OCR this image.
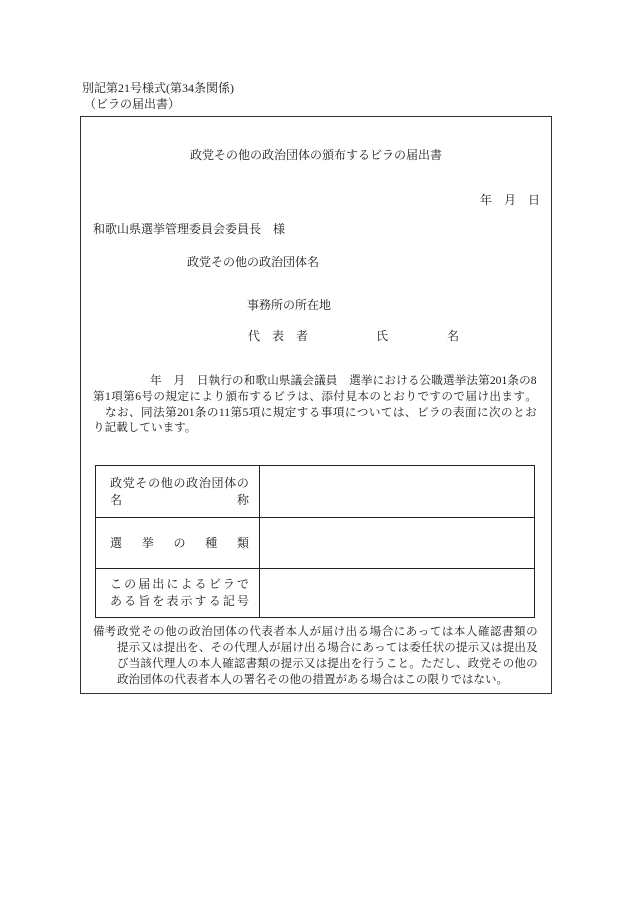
別記第21号様式(第34条関係)
（ビラの届出書）
政党その他の政治団体の頒布するビラの届出書
年　月　日
和歌山県選挙管理委員会委員長　様
政党その他の政治団体名
事務所の所在地
代　表　者	氏	名
年
　 月
　 日 執 行 の 和 歌 山 県 議 会 議 員
　 選 挙 に お け る 公 職 選 挙 法 第 201 条 の 8
第 1 項 第 6 号 の 規 定 に よ り 頒 布 す る ビ ラ は 、 添 付 見 本 の と お り で す の で 届 け 出 ま す 。
な お 、 同 法 第 201 条 の 11 第 5 項 に 規 定 す る 事 項 に つ い て は 、 ビ ラ の 表 面 に 次 の と お
り記載しています。
政 党 そ の 他 の 政 治 団 体 の
名	称
選 挙 の 種 類
こ の 届 出 に よ る ビ ラ で
あ る 旨 を 表 示 す る 記 号
備考 政 党 そ の 他 の 政 治 団 体 の 代 表 者 本 人 が 届 け 出 る 場 合 に あ っ て は 本 人 確 認 書 類 の
提 示 又 は 提 出 を 、 そ の 代 理 人 が 届 け 出 る 場 合 に あ っ て は 委 任 状 の 提 示 又 は 提 出 及
び 当 該 代 理 人 の 本 人 確 認 書 類 の 提 示 又 は 提 出 を 行 う こ と 。 た だ し 、 政 党 そ の 他 の
政治団体の代表者本人の署名その他の措置がある場合はこの限りではない。
